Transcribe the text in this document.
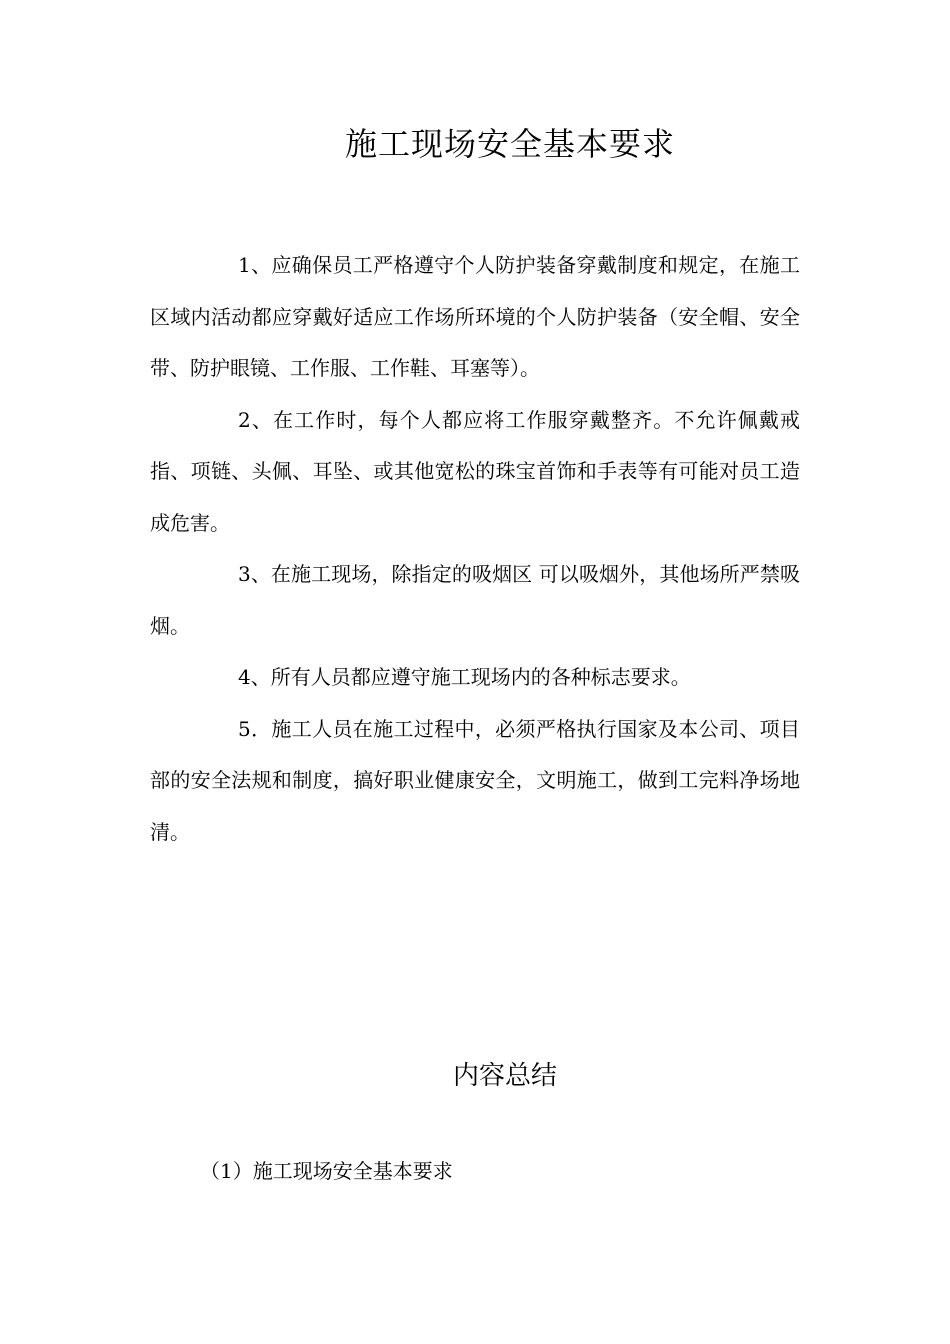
施工现场安全基本要求

1、应确保员工严格遵守个人防护装备穿戴制度和规定，在施工区域内活动都应穿戴好适应工作场所环境的个人防护装备（安全帽、安全带、防护眼镜、工作服、工作鞋、耳塞等）。

2、在工作时，每个人都应将工作服穿戴整齐。不允许佩戴戒指、项链、头佩、耳坠、或其他宽松的珠宝首饰和手表等有可能对员工造成危害。

3、在施工现场，除指定的吸烟区 可以吸烟外，其他场所严禁吸烟。

4、所有人员都应遵守施工现场内的各种标志要求。

5．施工人员在施工过程中，必须严格执行国家及本公司、项目部的安全法规和制度，搞好职业健康安全，文明施工，做到工完料净场地清。

内容总结
（1）施工现场安全基本要求
